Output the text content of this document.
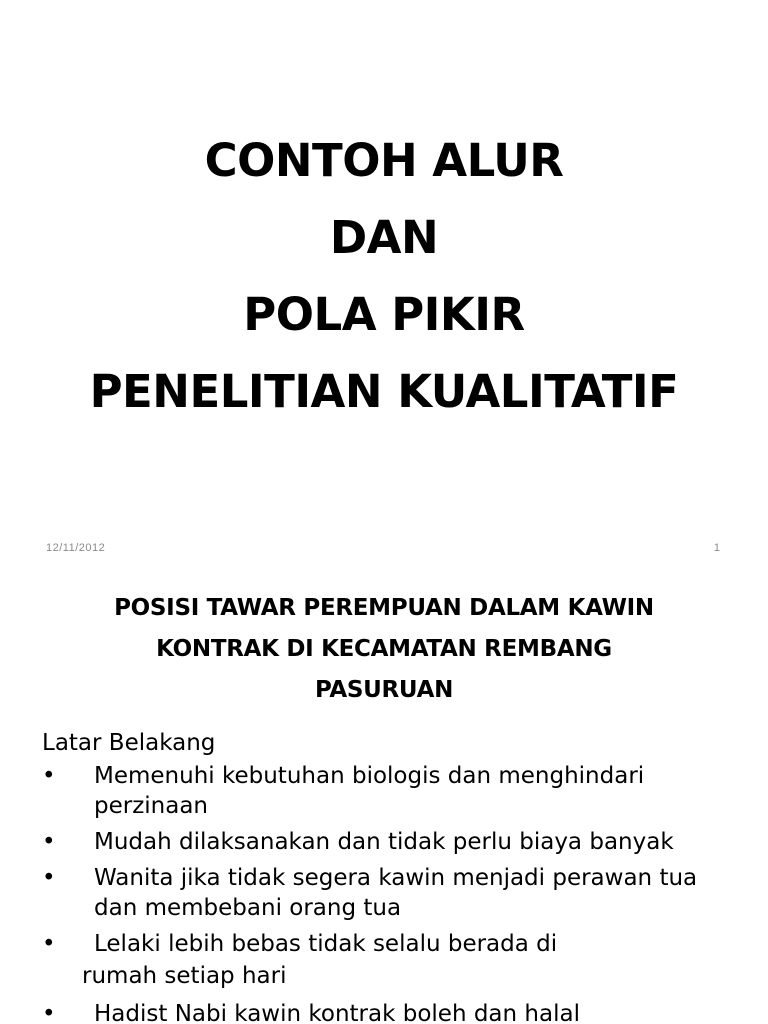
CONTOH ALUR
DAN
POLA PIKIR
PENELITIAN KUALITATIF
12/11/2012	1
POSISI TAWAR PEREMPUAN DALAM KAWIN
KONTRAK DI KECAMATAN REMBANG
PASURUAN
Latar Belakang
• Memenuhi kebutuhan biologis dan menghindari perzinaan
• Mudah dilaksanakan dan tidak perlu biaya banyak
• Wanita jika tidak segera kawin menjadi perawan tua dan membebani orang tua
• Lelaki lebih bebas tidak selalu berada di
rumah setiap hari
• Hadist Nabi kawin kontrak boleh dan halal
